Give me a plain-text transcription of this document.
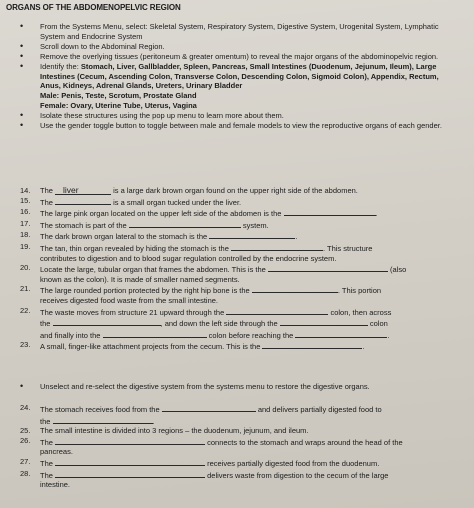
ORGANS OF THE ABDOMENOPELVIC REGION
• From the Systems Menu, select: Skeletal System, Respiratory System, Digestive System, Urogenital System, Lymphatic System and Endocrine System
• Scroll down to the Abdominal Region.
• Remove the overlying tissues (peritoneum & greater omentum) to reveal the major organs of the abdominopelvic region.
• Identify the: Stomach, Liver, Gallbladder, Spleen, Pancreas, Small Intestines (Duodenum, Jejunum, Ileum), Large Intestines (Cecum, Ascending Colon, Transverse Colon, Descending Colon, Sigmoid Colon), Appendix, Rectum, Anus, Kidneys, Adrenal Glands, Ureters, Urinary Bladder
Male: Penis, Teste, Scrotum, Prostate Gland
Female: Ovary, Uterine Tube, Uterus, Vagina
• Isolate these structures using the pop up menu to learn more about them.
• Use the gender toggle button to toggle between male and female models to view the reproductive organs of each gender.
14. The liver	is a large dark brown organ found on the upper right side of the abdomen.
15. The	is a small organ tucked under the liver.
16. The large pink organ located on the upper left side of the abdomen is the	.
17. The stomach is part of the	system.
18. The dark brown organ lateral to the stomach is the	.
19. The tan, thin organ revealed by hiding the stomach is the	. This structure
contributes to digestion and to blood sugar regulation controlled by the endocrine system.
20. Locate the large, tubular organ that frames the abdomen. This is the	(also
known as the colon). It is made of smaller named segments.
21. The large rounded portion protected by the right hip bone is the	. This portion
receives digested food waste from the small intestine.
22. The waste moves from structure 21 upward through the	colon, then across
the	, and down the left side through the	colon
and finally into the	colon before reaching the	.
23. A small, finger-like attachment projects from the cecum. This is the	.
• Unselect and re-select the digestive system from the systems menu to restore the digestive organs.
24. The stomach receives food from the	and delivers partially digested food to
the	.
25. The small intestine is divided into 3 regions – the duodenum, jejunum, and ileum.
26. The	connects to the stomach and wraps around the head of the
pancreas.
27. The	receives partially digested food from the duodenum.
28. The	delivers waste from digestion to the cecum of the large
intestine.
